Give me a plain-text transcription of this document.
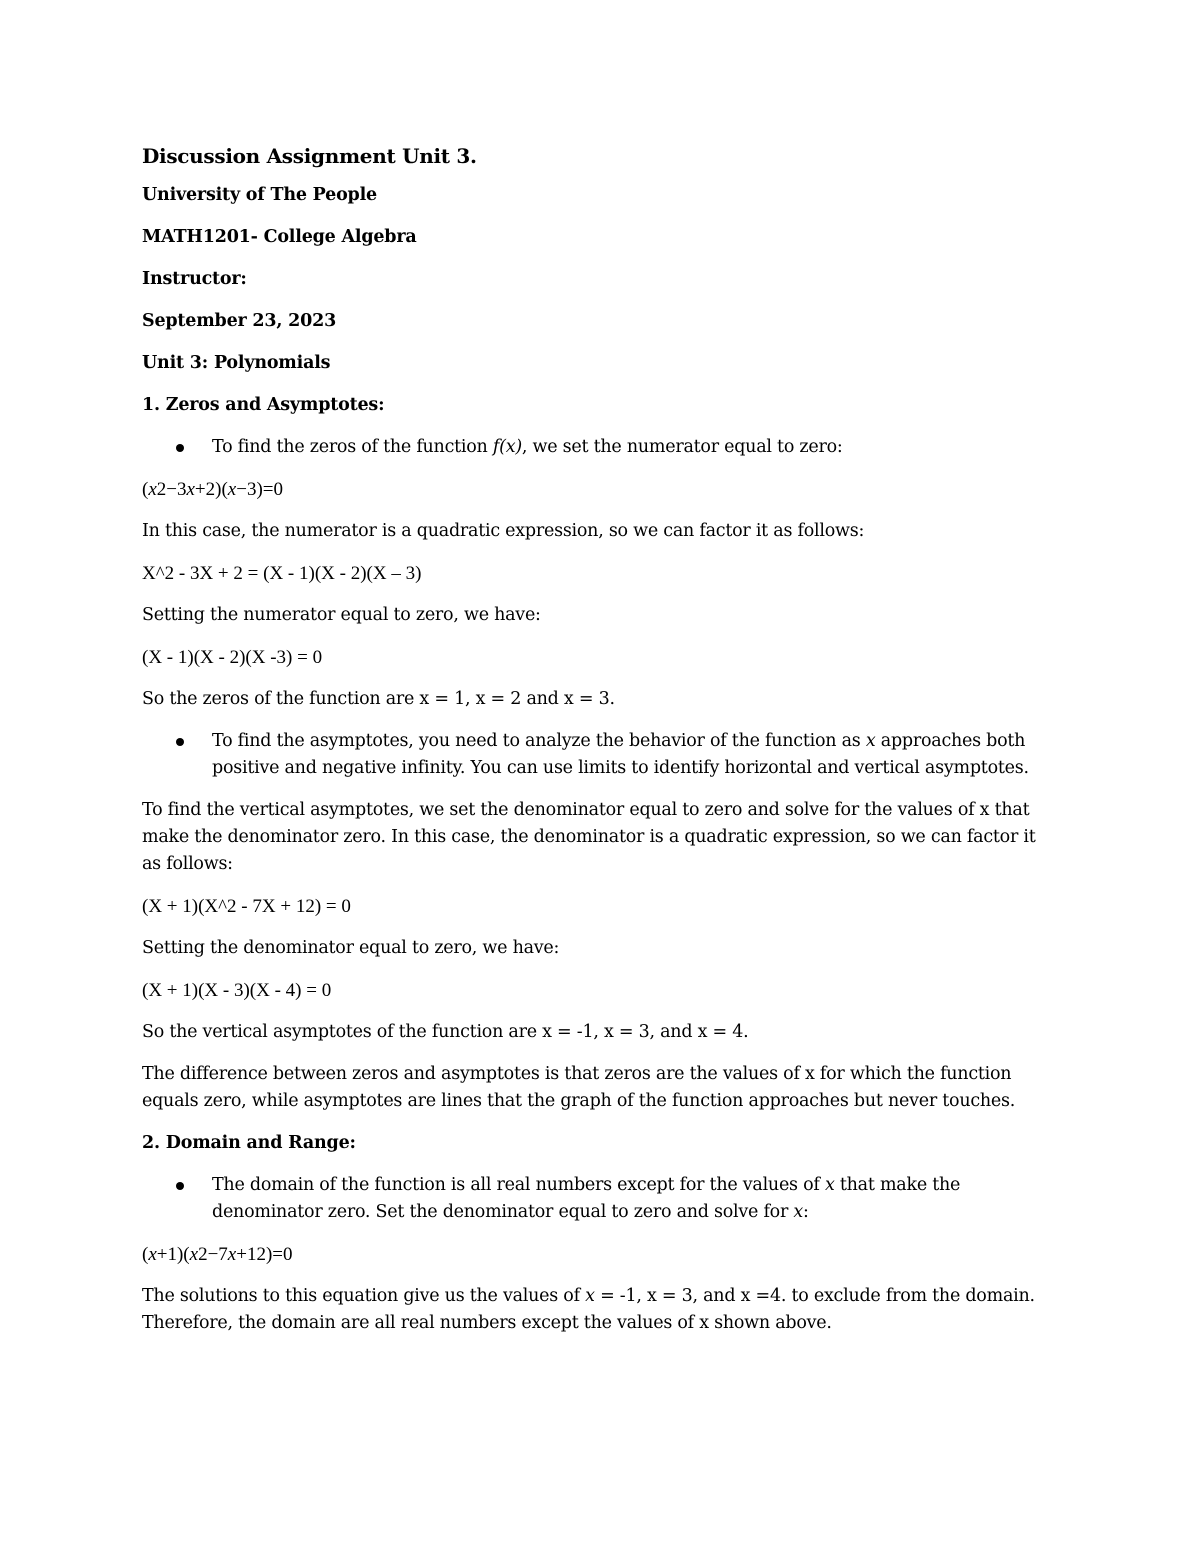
Discussion Assignment Unit 3.
University of The People
MATH1201- College Algebra
Instructor:
September 23, 2023
Unit 3: Polynomials
1. Zeros and Asymptotes:
To find the zeros of the function f(x), we set the numerator equal to zero:
(x2−3x+2)(x−3)=0
In this case, the numerator is a quadratic expression, so we can factor it as follows:
X^2 - 3X + 2 = (X - 1)(X - 2)(X – 3)
Setting the numerator equal to zero, we have:
(X - 1)(X - 2)(X -3) = 0
So the zeros of the function are x = 1, x = 2 and x = 3.
To find the asymptotes, you need to analyze the behavior of the function as x approaches both positive and negative infinity. You can use limits to identify horizontal and vertical asymptotes.
To find the vertical asymptotes, we set the denominator equal to zero and solve for the values of x that make the denominator zero. In this case, the denominator is a quadratic expression, so we can factor it as follows:
(X + 1)(X^2 - 7X + 12) = 0
Setting the denominator equal to zero, we have:
(X + 1)(X - 3)(X - 4) = 0
So the vertical asymptotes of the function are x = -1, x = 3, and x = 4.
The difference between zeros and asymptotes is that zeros are the values of x for which the function equals zero, while asymptotes are lines that the graph of the function approaches but never touches.
2. Domain and Range:
The domain of the function is all real numbers except for the values of x that make the denominator zero. Set the denominator equal to zero and solve for x:
(x+1)(x2−7x+12)=0
The solutions to this equation give us the values of x = -1, x = 3, and x =4. to exclude from the domain. Therefore, the domain are all real numbers except the values of x shown above.
